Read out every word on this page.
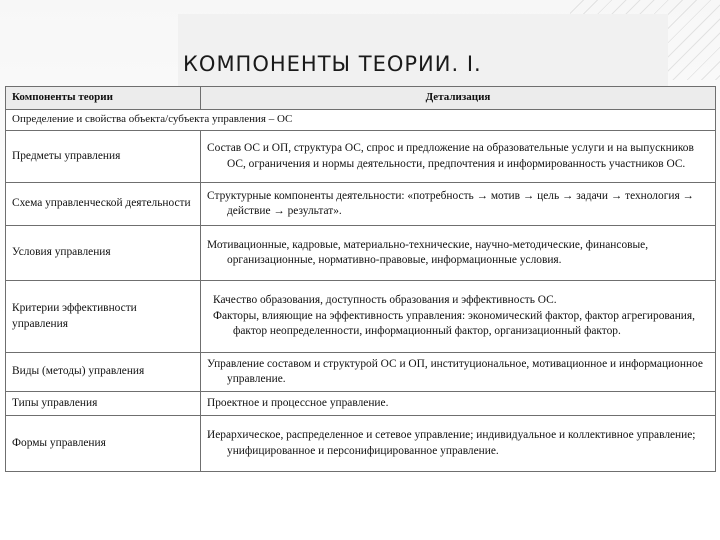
КОМПОНЕНТЫ ТЕОРИИ. I.
Компоненты теории	Детализация
Определение и свойства объекта/субъекта управления – ОС	
Предметы управления	Состав ОС и ОП, структура ОС, спрос и предложение на образовательные услуги и на выпускников ОС, ограничения и нормы деятельности, предпочтения и информированность участников ОС.
Схема управленческой деятельности	Структурные компоненты деятельности: «потребность → мотив → цель → задачи → технология → действие → результат».
Условия управления	Мотивационные, кадровые, материально-технические, научно-методические, финансовые, организационные, нормативно-правовые, информационные условия.
Критерии эффективности управления	Качество образования, доступность образования и эффективность ОС.
Факторы, влияющие на эффективность управления: экономический фактор, фактор агрегирования, фактор неопределенности, информационный фактор, организационный фактор.

Виды (методы) управления	Управление составом и структурой ОС и ОП, институциональное, мотивационное и информационное управление.
Типы управления	Проектное и процессное управление.
Формы управления	Иерархическое, распределенное и сетевое управление; индивидуальное и коллективное управление; унифицированное и персонифицированное управление.
